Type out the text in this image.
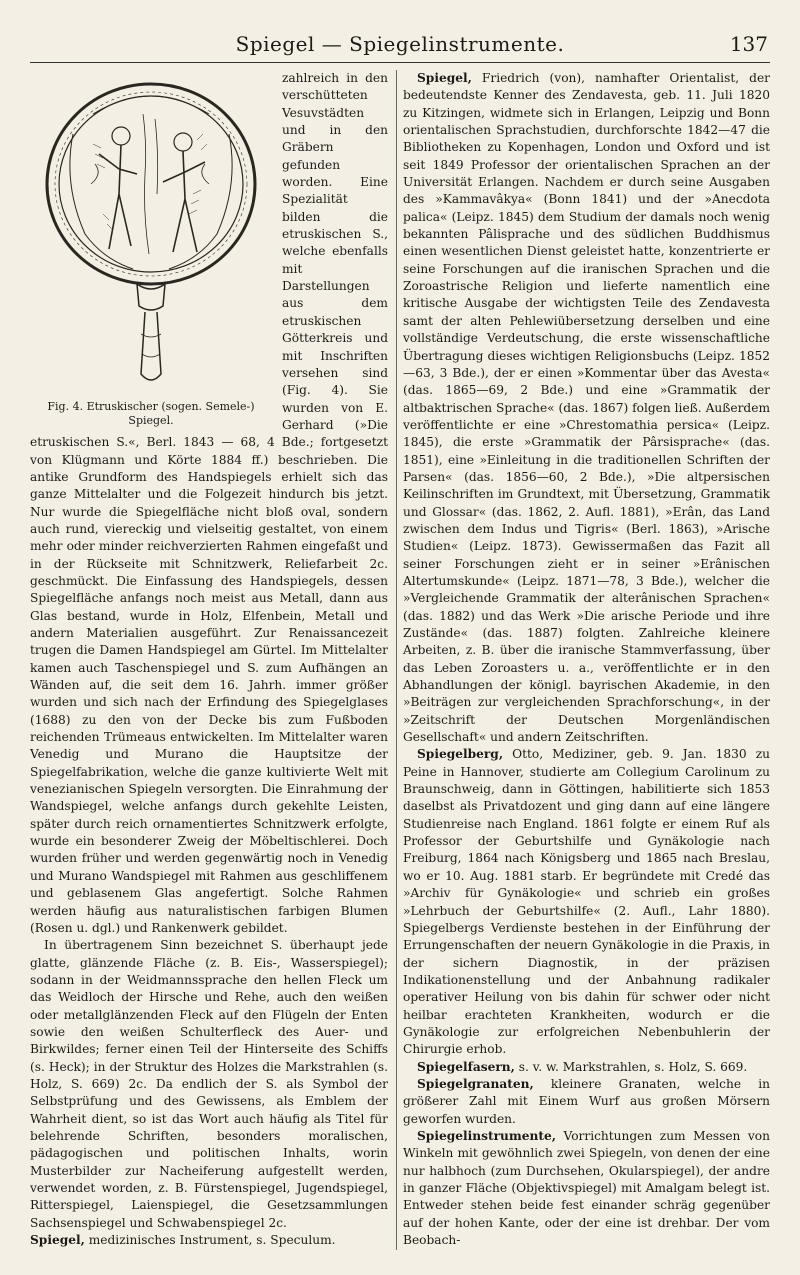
Spiegel — Spiegelinstrumente.	137
Fig. 4. Etruskischer (sogen. Semele-) Spiegel.

zahlreich in den verschütteten Vesuvstädten und in den Gräbern gefunden worden. Eine Spezialität bilden die etruskischen S., welche ebenfalls mit Darstellungen aus dem etruskischen Götterkreis und mit Inschriften versehen sind (Fig. 4). Sie wurden von E. Gerhard (»Die etruskischen S.«, Berl. 1843 — 68, 4 Bde.; fortgesetzt von Klügmann und Körte 1884 ff.) beschrieben. Die antike Grundform des Handspiegels erhielt sich das ganze Mittelalter und die Folgezeit hindurch bis jetzt. Nur wurde die Spiegelfläche nicht bloß oval, sondern auch rund, viereckig und vielseitig gestaltet, von einem mehr oder minder reichverzierten Rahmen eingefaßt und in der Rückseite mit Schnitzwerk, Reliefarbeit 2c. geschmückt. Die Einfassung des Handspiegels, dessen Spiegelfläche anfangs noch meist aus Metall, dann aus Glas bestand, wurde in Holz, Elfenbein, Metall und andern Materialien ausgeführt. Zur Renaissancezeit trugen die Damen Handspiegel am Gürtel. Im Mittelalter kamen auch Taschenspiegel und S. zum Aufhängen an Wänden auf, die seit dem 16. Jahrh. immer größer wurden und sich nach der Erfindung des Spiegelglases (1688) zu den von der Decke bis zum Fußboden reichenden Trümeaus entwickelten. Im Mittelalter waren Venedig und Murano die Hauptsitze der Spiegelfabrikation, welche die ganze kultivierte Welt mit venezianischen Spiegeln versorgten. Die Einrahmung der Wandspiegel, welche anfangs durch gekehlte Leisten, später durch reich ornamentiertes Schnitzwerk erfolgte, wurde ein besonderer Zweig der Möbeltischlerei. Doch wurden früher und werden gegenwärtig noch in Venedig und Murano Wandspiegel mit Rahmen aus geschliffenem und geblasenem Glas angefertigt. Solche Rahmen werden häufig aus naturalistischen farbigen Blumen (Rosen u. dgl.) und Rankenwerk gebildet.

In übertragenem Sinn bezeichnet S. überhaupt jede glatte, glänzende Fläche (z. B. Eis-, Wasserspiegel); sodann in der Weidmannssprache den hellen Fleck um das Weidloch der Hirsche und Rehe, auch den weißen oder metallglänzenden Fleck auf den Flügeln der Enten sowie den weißen Schulterfleck des Auer- und Birkwildes; ferner einen Teil der Hinterseite des Schiffs (s. Heck); in der Struktur des Holzes die Markstrahlen (s. Holz, S. 669) 2c. Da endlich der S. als Symbol der Selbstprüfung und des Gewissens, als Emblem der Wahrheit dient, so ist das Wort auch häufig als Titel für belehrende Schriften, besonders moralischen, pädagogischen und politischen Inhalts, worin Musterbilder zur Nacheiferung aufgestellt werden, verwendet worden, z. B. Fürstenspiegel, Jugendspiegel, Ritterspiegel, Laienspiegel, die Gesetzsammlungen Sachsenspiegel und Schwabenspiegel 2c.

Spiegel, medizinisches Instrument, s. Speculum.

Spiegel, Friedrich (von), namhafter Orientalist, der bedeutendste Kenner des Zendavesta, geb. 11. Juli 1820 zu Kitzingen, widmete sich in Erlangen, Leipzig und Bonn orientalischen Sprachstudien, durchforschte 1842—47 die Bibliotheken zu Kopenhagen, London und Oxford und ist seit 1849 Professor der orientalischen Sprachen an der Universität Erlangen. Nachdem er durch seine Ausgaben des »Kammavâkya« (Bonn 1841) und der »Anecdota palica« (Leipz. 1845) dem Studium der damals noch wenig bekannten Pâlisprache und des südlichen Buddhismus einen wesentlichen Dienst geleistet hatte, konzentrierte er seine Forschungen auf die iranischen Sprachen und die Zoroastrische Religion und lieferte namentlich eine kritische Ausgabe der wichtigsten Teile des Zendavesta samt der alten Pehlewiübersetzung derselben und eine vollständige Verdeutschung, die erste wissenschaftliche Übertragung dieses wichtigen Religionsbuchs (Leipz. 1852—63, 3 Bde.), der er einen »Kommentar über das Avesta« (das. 1865—69, 2 Bde.) und eine »Grammatik der altbaktrischen Sprache« (das. 1867) folgen ließ. Außerdem veröffentlichte er eine »Chrestomathia persica« (Leipz. 1845), die erste »Grammatik der Pârsisprache« (das. 1851), eine »Einleitung in die traditionellen Schriften der Parsen« (das. 1856—60, 2 Bde.), »Die altpersischen Keilinschriften im Grundtext, mit Übersetzung, Grammatik und Glossar« (das. 1862, 2. Aufl. 1881), »Erân, das Land zwischen dem Indus und Tigris« (Berl. 1863), »Arische Studien« (Leipz. 1873). Gewissermaßen das Fazit all seiner Forschungen zieht er in seiner »Erânischen Altertumskunde« (Leipz. 1871—78, 3 Bde.), welcher die »Vergleichende Grammatik der alterânischen Sprachen« (das. 1882) und das Werk »Die arische Periode und ihre Zustände« (das. 1887) folgten. Zahlreiche kleinere Arbeiten, z. B. über die iranische Stammverfassung, über das Leben Zoroasters u. a., veröffentlichte er in den Abhandlungen der königl. bayrischen Akademie, in den »Beiträgen zur vergleichenden Sprachforschung«, in der »Zeitschrift der Deutschen Morgenländischen Gesellschaft« und andern Zeitschriften.

Spiegelberg, Otto, Mediziner, geb. 9. Jan. 1830 zu Peine in Hannover, studierte am Collegium Carolinum zu Braunschweig, dann in Göttingen, habilitierte sich 1853 daselbst als Privatdozent und ging dann auf eine längere Studienreise nach England. 1861 folgte er einem Ruf als Professor der Geburtshilfe und Gynäkologie nach Freiburg, 1864 nach Königsberg und 1865 nach Breslau, wo er 10. Aug. 1881 starb. Er begründete mit Credé das »Archiv für Gynäkologie« und schrieb ein großes »Lehrbuch der Geburtshilfe« (2. Aufl., Lahr 1880). Spiegelbergs Verdienste bestehen in der Einführung der Errungenschaften der neuern Gynäkologie in die Praxis, in der sichern Diagnostik, in der präzisen Indikationenstellung und der Anbahnung radikaler operativer Heilung von bis dahin für schwer oder nicht heilbar erachteten Krankheiten, wodurch er die Gynäkologie zur erfolgreichen Nebenbuhlerin der Chirurgie erhob.

Spiegelfasern, s. v. w. Markstrahlen, s. Holz, S. 669.

Spiegelgranaten, kleinere Granaten, welche in größerer Zahl mit Einem Wurf aus großen Mörsern geworfen wurden.

Spiegelinstrumente, Vorrichtungen zum Messen von Winkeln mit gewöhnlich zwei Spiegeln, von denen der eine nur halbhoch (zum Durchsehen, Okularspiegel), der andre in ganzer Fläche (Objektivspiegel) mit Amalgam belegt ist. Entweder stehen beide fest einander schräg gegenüber auf der hohen Kante, oder der eine ist drehbar. Der vom Beobach-
